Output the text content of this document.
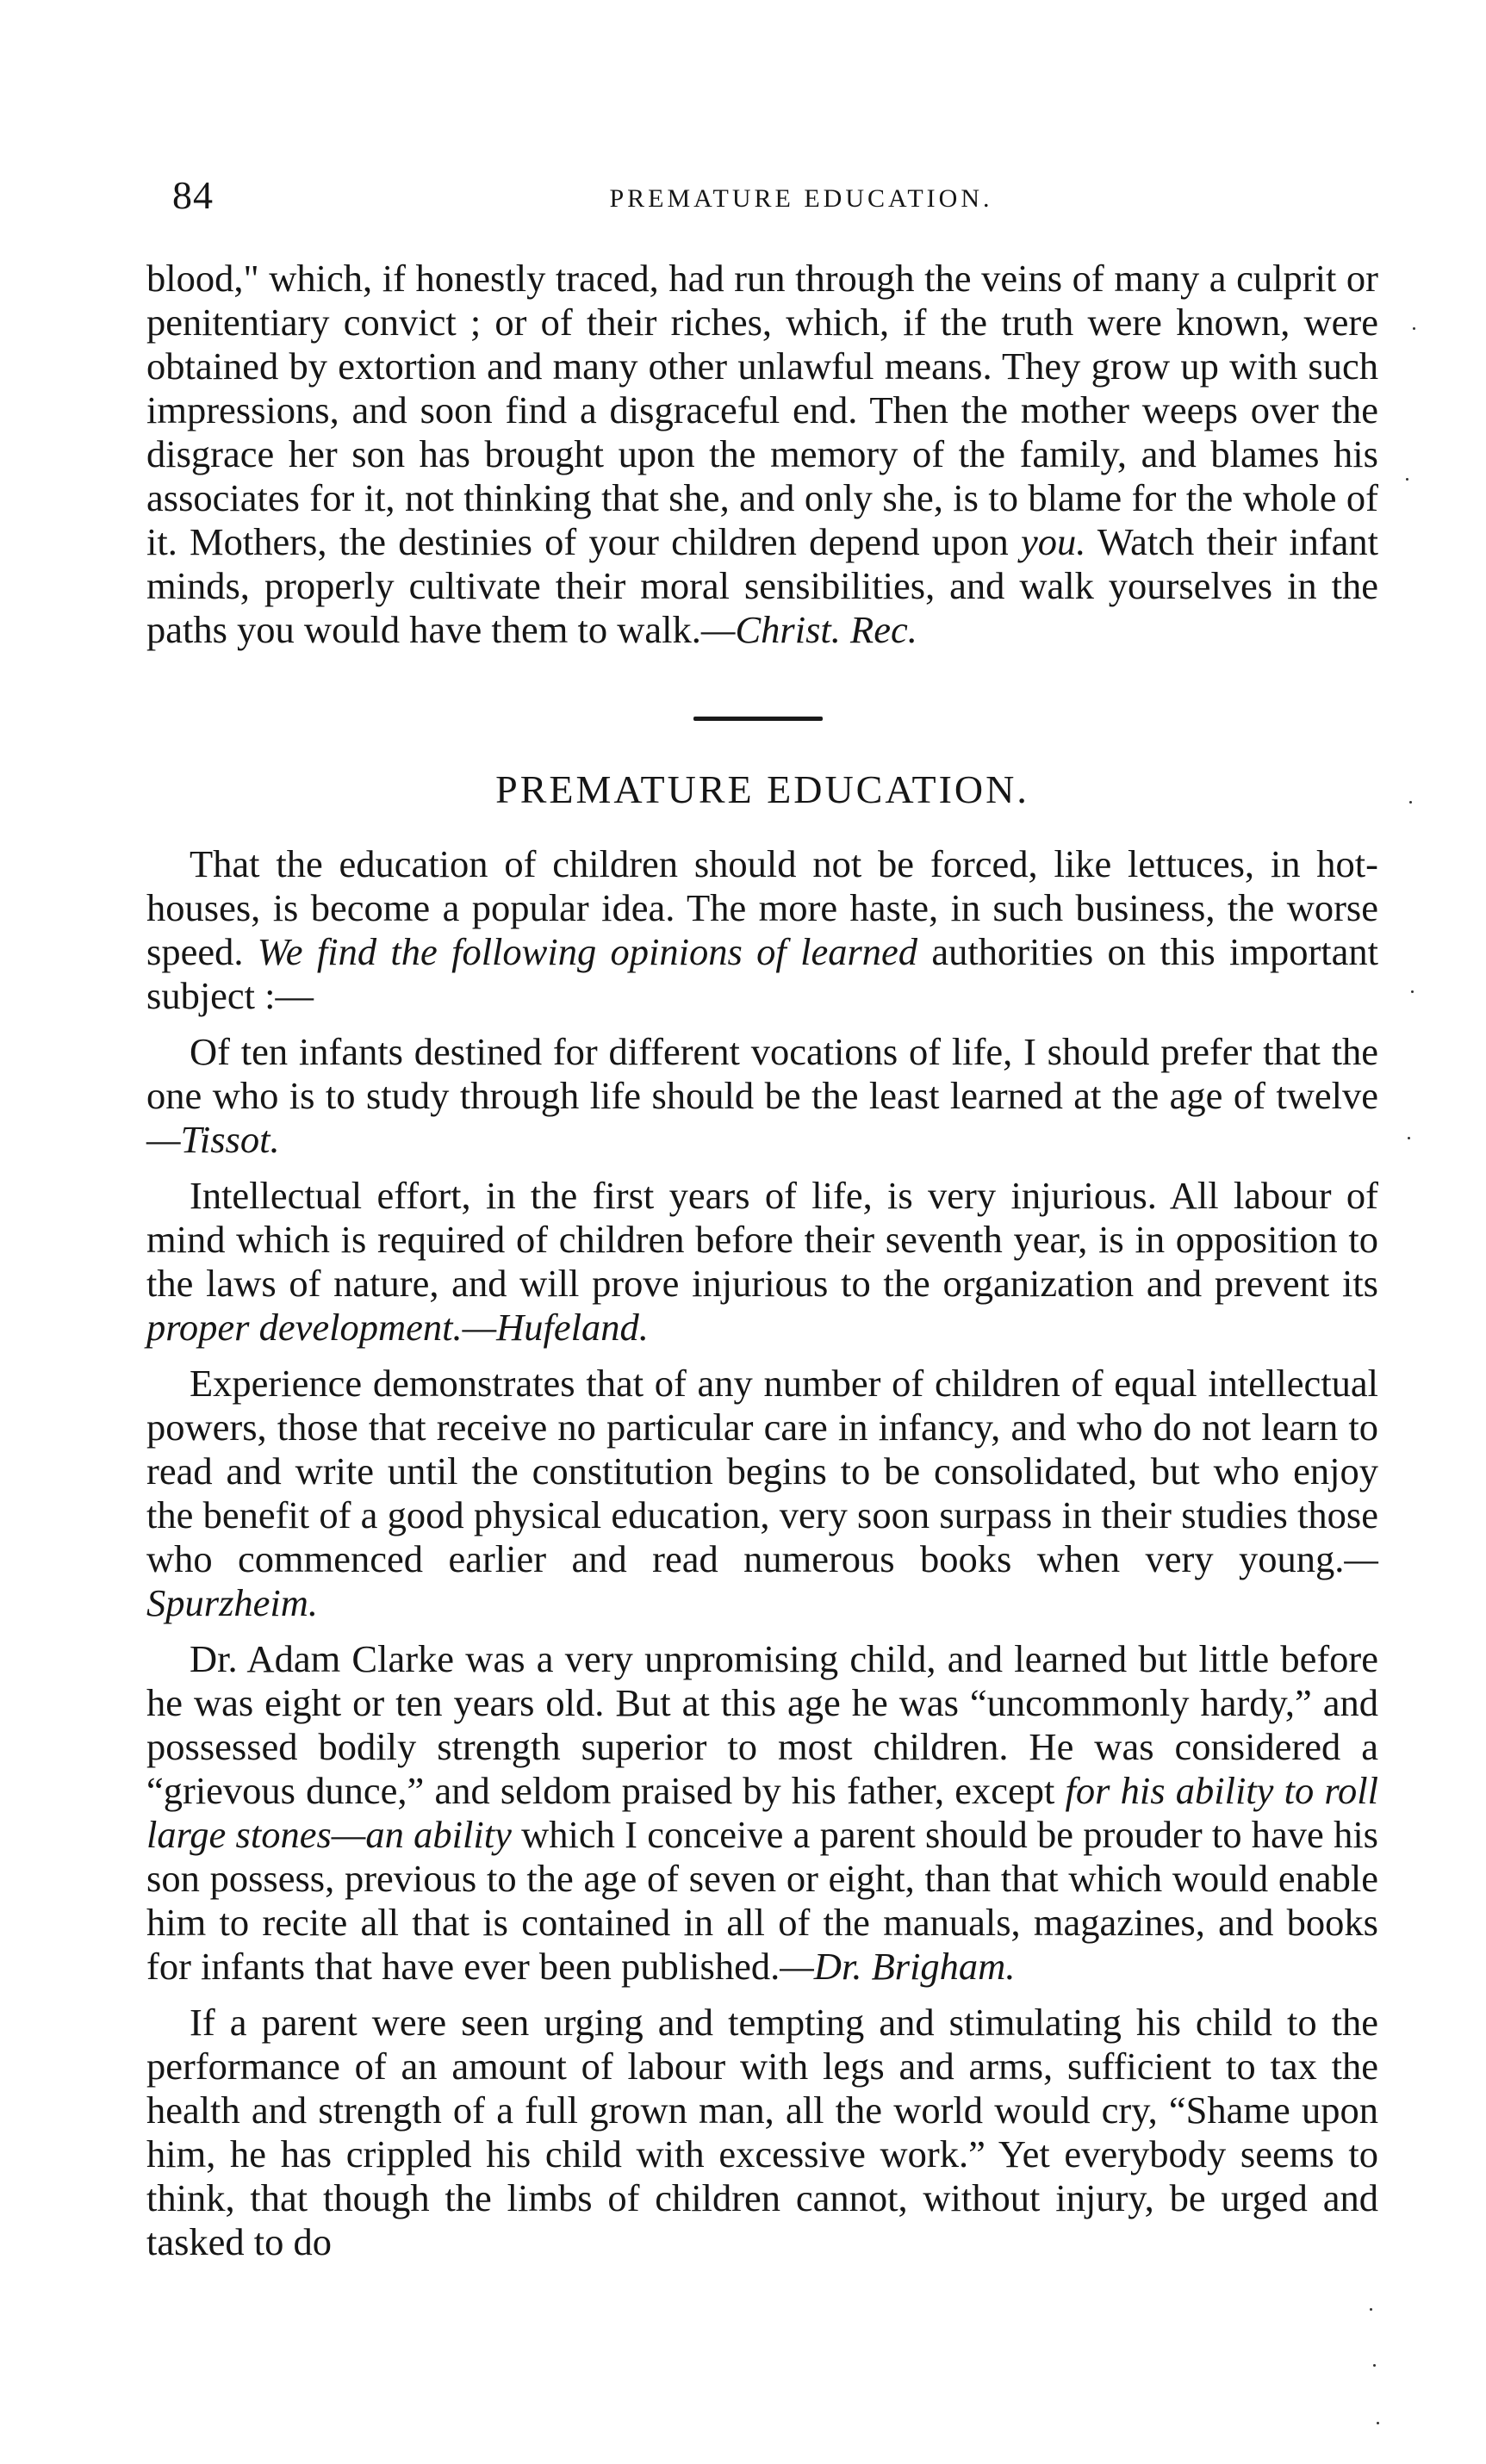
84	PREMATURE EDUCATION.
blood," which, if honestly traced, had run through the veins of many a culprit or penitentiary convict ; or of their riches, which, if the truth were known, were obtained by extortion and many other unlawful means. They grow up with such impressions, and soon find a disgraceful end. Then the mother weeps over the disgrace her son has brought upon the memory of the family, and blames his associates for it, not thinking that she, and only she, is to blame for the whole of it. Mothers, the destinies of your children depend upon you. Watch their infant minds, properly cultivate their moral sensibilities, and walk yourselves in the paths you would have them to walk.—Christ. Rec.
PREMATURE EDUCATION.

That the education of children should not be forced, like lettuces, in hot-houses, is become a popular idea. The more haste, in such business, the worse speed. We find the following opinions of learned authorities on this important subject :—

Of ten infants destined for different vocations of life, I should prefer that the one who is to study through life should be the least learned at the age of twelve—Tissot.

Intellectual effort, in the first years of life, is very injurious. All labour of mind which is required of children before their seventh year, is in opposition to the laws of nature, and will prove injurious to the organization and prevent its proper development.—Hufeland.

Experience demonstrates that of any number of children of equal intellectual powers, those that receive no particular care in infancy, and who do not learn to read and write until the constitution begins to be consolidated, but who enjoy the benefit of a good physical education, very soon surpass in their studies those who commenced earlier and read numerous books when very young.—Spurzheim.

Dr. Adam Clarke was a very unpromising child, and learned but little before he was eight or ten years old. But at this age he was “uncommonly hardy,” and possessed bodily strength superior to most children. He was considered a “grievous dunce,” and seldom praised by his father, except for his ability to roll large stones—an ability which I conceive a parent should be prouder to have his son possess, previous to the age of seven or eight, than that which would enable him to recite all that is contained in all of the manuals, magazines, and books for infants that have ever been published.—Dr. Brigham.

If a parent were seen urging and tempting and stimulating his child to the performance of an amount of labour with legs and arms, sufficient to tax the health and strength of a full grown man, all the world would cry, “Shame upon him, he has crippled his child with excessive work.” Yet everybody seems to think, that though the limbs of children cannot, without injury, be urged and tasked to do
